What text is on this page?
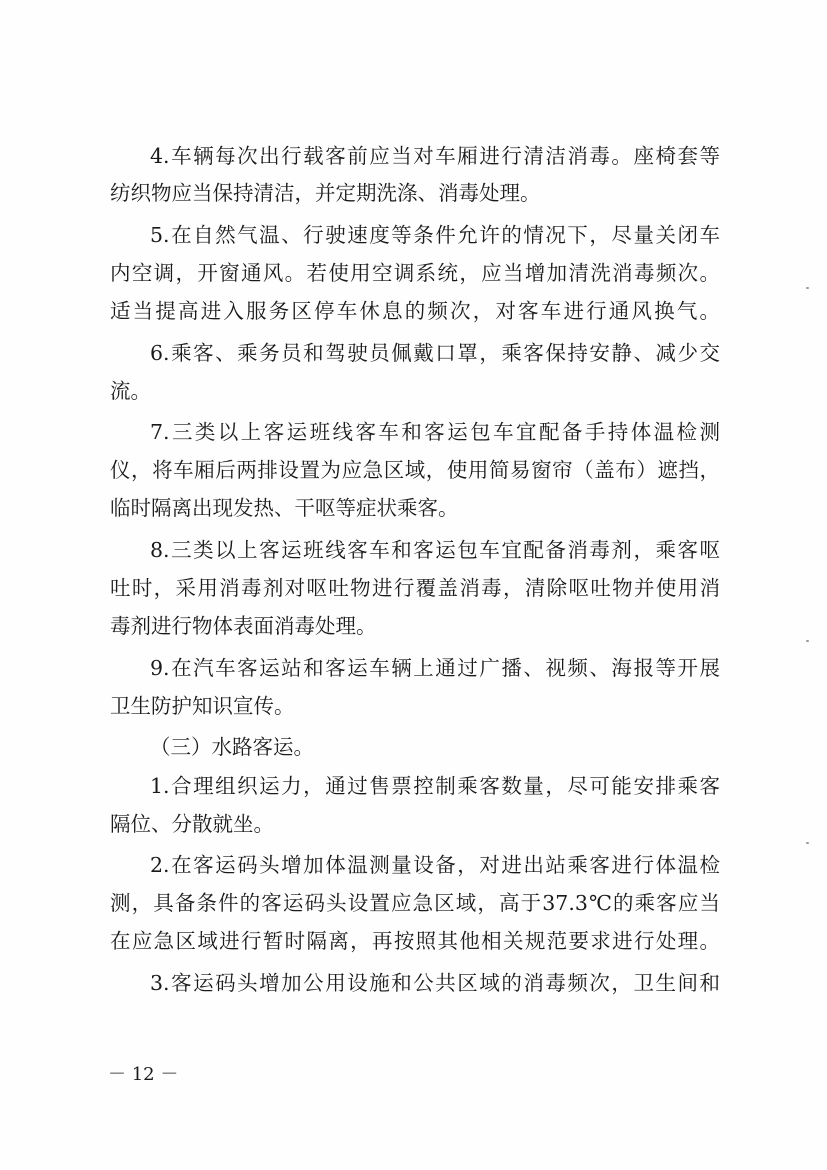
4.车辆每次出行载客前应当对车厢进行清洁消毒。座椅套等
纺织物应当保持清洁，并定期洗涤、消毒处理。
5.在自然气温、行驶速度等条件允许的情况下，尽量关闭车
内空调，开窗通风。若使用空调系统，应当增加清洗消毒频次。
适当提高进入服务区停车休息的频次，对客车进行通风换气。
6.乘客、乘务员和驾驶员佩戴口罩，乘客保持安静、减少交
流。
7.三类以上客运班线客车和客运包车宜配备手持体温检测
仪，将车厢后两排设置为应急区域，使用简易窗帘（盖布）遮挡，
临时隔离出现发热、干呕等症状乘客。
8.三类以上客运班线客车和客运包车宜配备消毒剂，乘客呕
吐时，采用消毒剂对呕吐物进行覆盖消毒，清除呕吐物并使用消
毒剂进行物体表面消毒处理。
9.在汽车客运站和客运车辆上通过广播、视频、海报等开展
卫生防护知识宣传。
（三）水路客运。
1.合理组织运力，通过售票控制乘客数量，尽可能安排乘客
隔位、分散就坐。
2.在客运码头增加体温测量设备，对进出站乘客进行体温检
测，具备条件的客运码头设置应急区域，高于37.3℃的乘客应当
在应急区域进行暂时隔离，再按照其他相关规范要求进行处理。
3.客运码头增加公用设施和公共区域的消毒频次，卫生间和
－ 12 －
